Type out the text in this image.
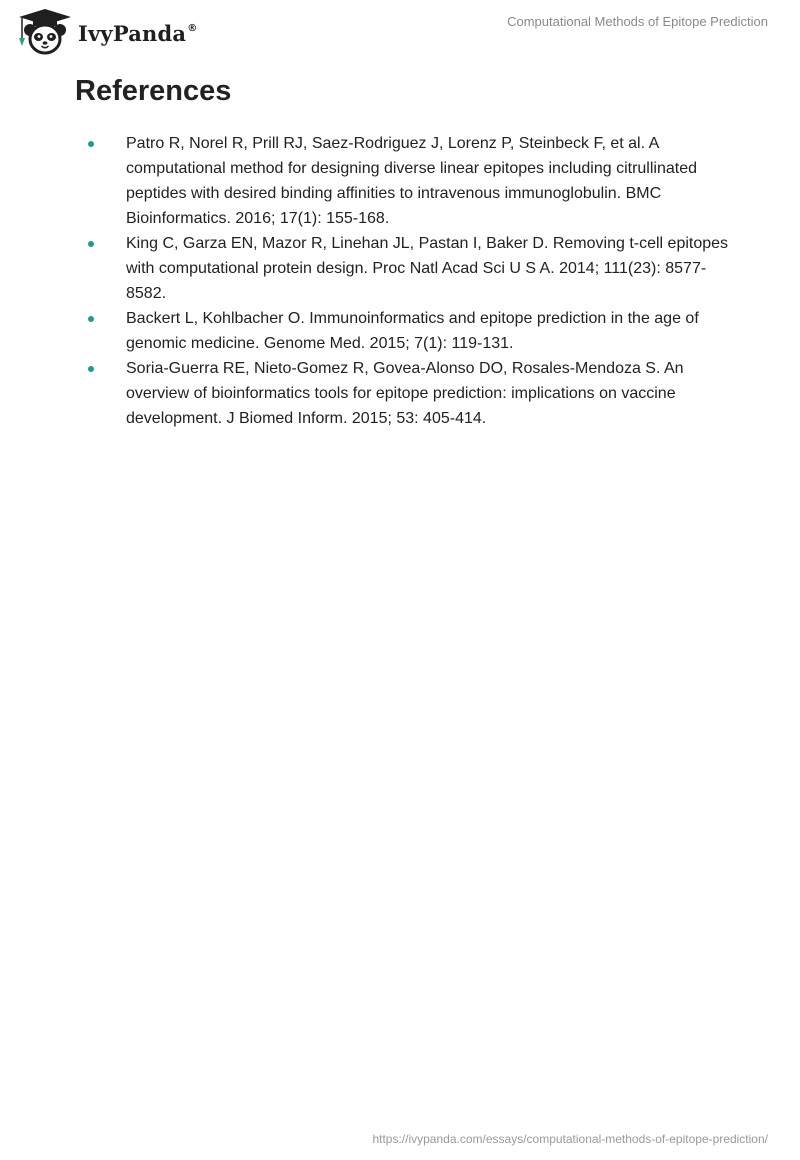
IvyPanda®	Computational Methods of Epitope Prediction
References
Patro R, Norel R, Prill RJ, Saez-Rodriguez J, Lorenz P, Steinbeck F, et al. A computational method for designing diverse linear epitopes including citrullinated peptides with desired binding affinities to intravenous immunoglobulin. BMC Bioinformatics. 2016; 17(1): 155-168.
King C, Garza EN, Mazor R, Linehan JL, Pastan I, Baker D. Removing t-cell epitopes with computational protein design. Proc Natl Acad Sci U S A. 2014; 111(23): 8577-8582.
Backert L, Kohlbacher O. Immunoinformatics and epitope prediction in the age of genomic medicine. Genome Med. 2015; 7(1): 119-131.
Soria-Guerra RE, Nieto-Gomez R, Govea-Alonso DO, Rosales-Mendoza S. An overview of bioinformatics tools for epitope prediction: implications on vaccine development. J Biomed Inform. 2015; 53: 405-414.
https://ivypanda.com/essays/computational-methods-of-epitope-prediction/
